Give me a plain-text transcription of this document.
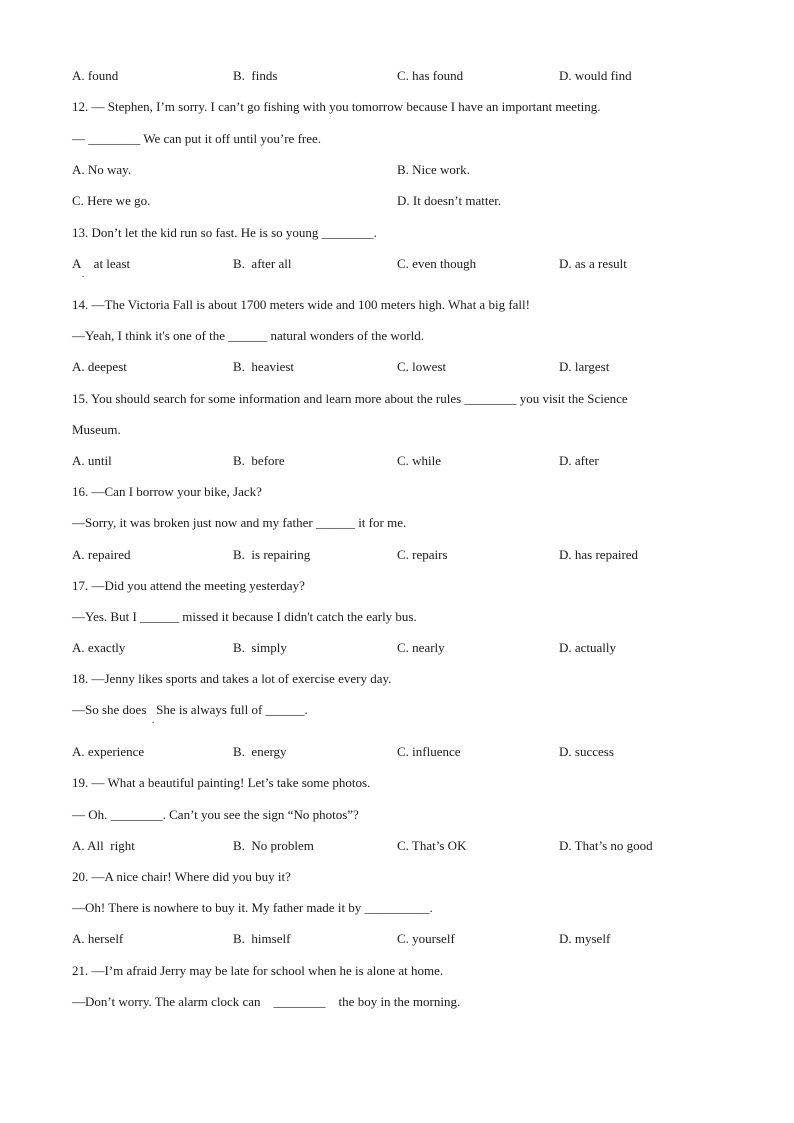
A. found	B.  finds	C. has found	D. would find
12. — Stephen, I’m sorry. I can’t go fishing with you tomorrow because I have an important meeting.
— ________ We can put it off until you’re free.
A. No way.	B. Nice work.
C. Here we go.	D. It doesn’t matter.
13. Don’t let the kid run so fast. He is so young ________.
A    at least	B.  after all	C. even though	D. as a result
.
14. —The Victoria Fall is about 1700 meters wide and 100 meters high. What a big fall!
—Yeah, I think it's one of the ______ natural wonders of the world.
A. deepest	B.  heaviest	C. lowest	D. largest
15. You should search for some information and learn more about the rules ________ you visit the Science
Museum.
A. until	B.  before	C. while	D. after
16. —Can I borrow your bike, Jack?
—Sorry, it was broken just now and my father ______ it for me.
A. repaired	B.  is repairing	C. repairs	D. has repaired
17. —Did you attend the meeting yesterday?
—Yes. But I ______ missed it because I didn't catch the early bus.
A. exactly	B.  simply	C. nearly	D. actually
18. —Jenny likes sports and takes a lot of exercise every day.
—So she does   She is always full of ______.
.
A. experience	B.  energy	C. influence	D. success
19. — What a beautiful painting! Let’s take some photos.
— Oh. ________. Can’t you see the sign “No photos”?
A. All  right	B.  No problem	C. That’s OK	D. That’s no good
20. —A nice chair! Where did you buy it?
—Oh! There is nowhere to buy it. My father made it by __________.
A. herself	B.  himself	C. yourself	D. myself
21. —I’m afraid Jerry may be late for school when he is alone at home.
—Don’t worry. The alarm clock can    ________    the boy in the morning.
